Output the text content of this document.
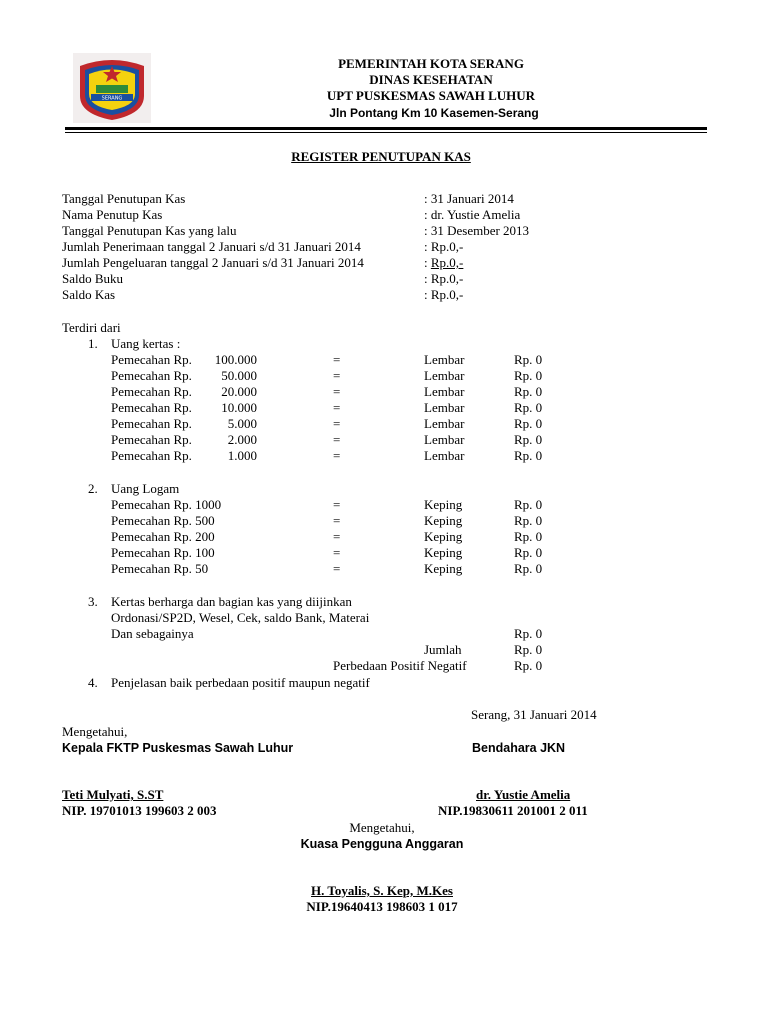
SERANG
PEMERINTAH KOTA SERANG
DINAS KESEHATAN
UPT PUSKESMAS SAWAH LUHUR
Jln Pontang Km 10 Kasemen-Serang
REGISTER PENUTUPAN KAS
Tanggal Penutupan Kas	: 31 Januari 2014
Nama Penutup Kas	: dr. Yustie Amelia
Tanggal Penutupan Kas yang lalu	: 31 Desember 2013
Jumlah Penerimaan tanggal 2 Januari s/d 31 Januari 2014	: Rp.0,-
Jumlah Pengeluaran tanggal 2 Januari s/d 31 Januari 2014	: Rp.0,-
Saldo Buku	: Rp.0,-
Saldo Kas	: Rp.0,-
Terdiri dari
1. Uang kertas :
Pemecahan Rp. 100.000	=	Lembar	Rp. 0
Pemecahan Rp. 50.000	=	Lembar	Rp. 0
Pemecahan Rp. 20.000	=	Lembar	Rp. 0
Pemecahan Rp. 10.000	=	Lembar	Rp. 0
Pemecahan Rp.	5.000	=	Lembar	Rp. 0
Pemecahan Rp.	2.000	=	Lembar	Rp. 0
Pemecahan Rp.	1.000	=	Lembar	Rp. 0
2. Uang Logam
Pemecahan Rp. 1000	=	Keping	Rp. 0
Pemecahan Rp. 500	=	Keping	Rp. 0
Pemecahan Rp. 200	=	Keping	Rp. 0
Pemecahan Rp. 100	=	Keping	Rp. 0
Pemecahan Rp. 50	=	Keping	Rp. 0
3. Kertas berharga dan bagian kas yang diijinkan
Ordonasi/SP2D, Wesel, Cek, saldo Bank, Materai
Dan sebagainya	Rp. 0
Jumlah	Rp. 0
Perbedaan Positif Negatif	Rp. 0
4. Penjelasan baik perbedaan positif maupun negatif
Serang, 31 Januari 2014
Mengetahui,
Kepala FKTP Puskesmas Sawah Luhur	Bendahara JKN
Teti Mulyati, S.ST
NIP. 19701013 199603 2 003
dr. Yustie Amelia
NIP.19830611 201001 2 011
Mengetahui,
Kuasa Pengguna Anggaran
H. Toyalis, S. Kep, M.Kes
NIP.19640413 198603 1 017
